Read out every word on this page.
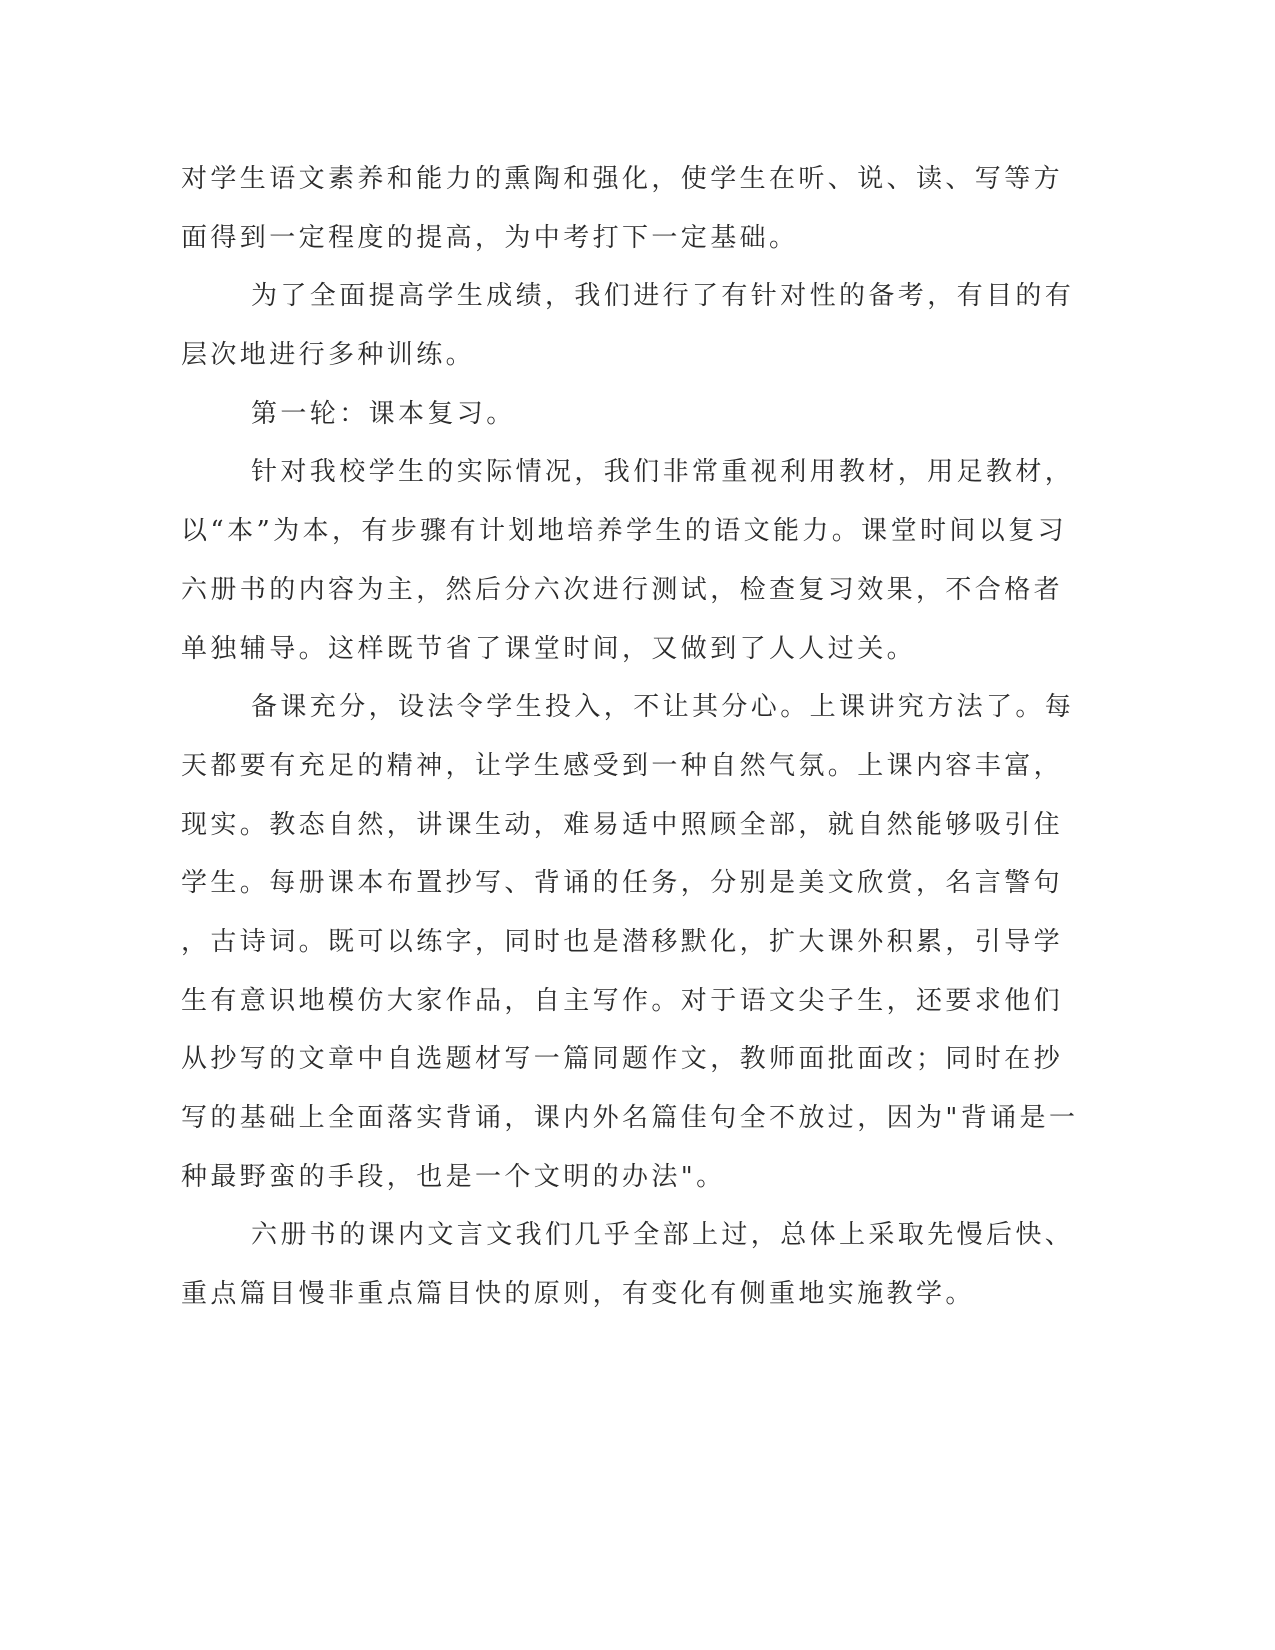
对学生语文素养和能力的熏陶和强化，使学生在听、说、读、写等方
面得到一定程度的提高，为中考打下一定基础。
为了全面提高学生成绩，我们进行了有针对性的备考，有目的有
层次地进行多种训练。
第一轮：课本复习。
针对我校学生的实际情况，我们非常重视利用教材，用足教材，
以“本”为本，有步骤有计划地培养学生的语文能力。课堂时间以复习
六册书的内容为主，然后分六次进行测试，检查复习效果，不合格者
单独辅导。这样既节省了课堂时间，又做到了人人过关。
备课充分，设法令学生投入，不让其分心。上课讲究方法了。每
天都要有充足的精神，让学生感受到一种自然气氛。上课内容丰富，
现实。教态自然，讲课生动，难易适中照顾全部，就自然能够吸引住
学生。每册课本布置抄写、背诵的任务，分别是美文欣赏，名言警句
，古诗词。既可以练字，同时也是潜移默化，扩大课外积累，引导学
生有意识地模仿大家作品，自主写作。对于语文尖子生，还要求他们
从抄写的文章中自选题材写一篇同题作文，教师面批面改；同时在抄
写的基础上全面落实背诵，课内外名篇佳句全不放过，因为"背诵是一
种最野蛮的手段，也是一个文明的办法"。
六册书的课内文言文我们几乎全部上过，总体上采取先慢后快、
重点篇目慢非重点篇目快的原则，有变化有侧重地实施教学。
